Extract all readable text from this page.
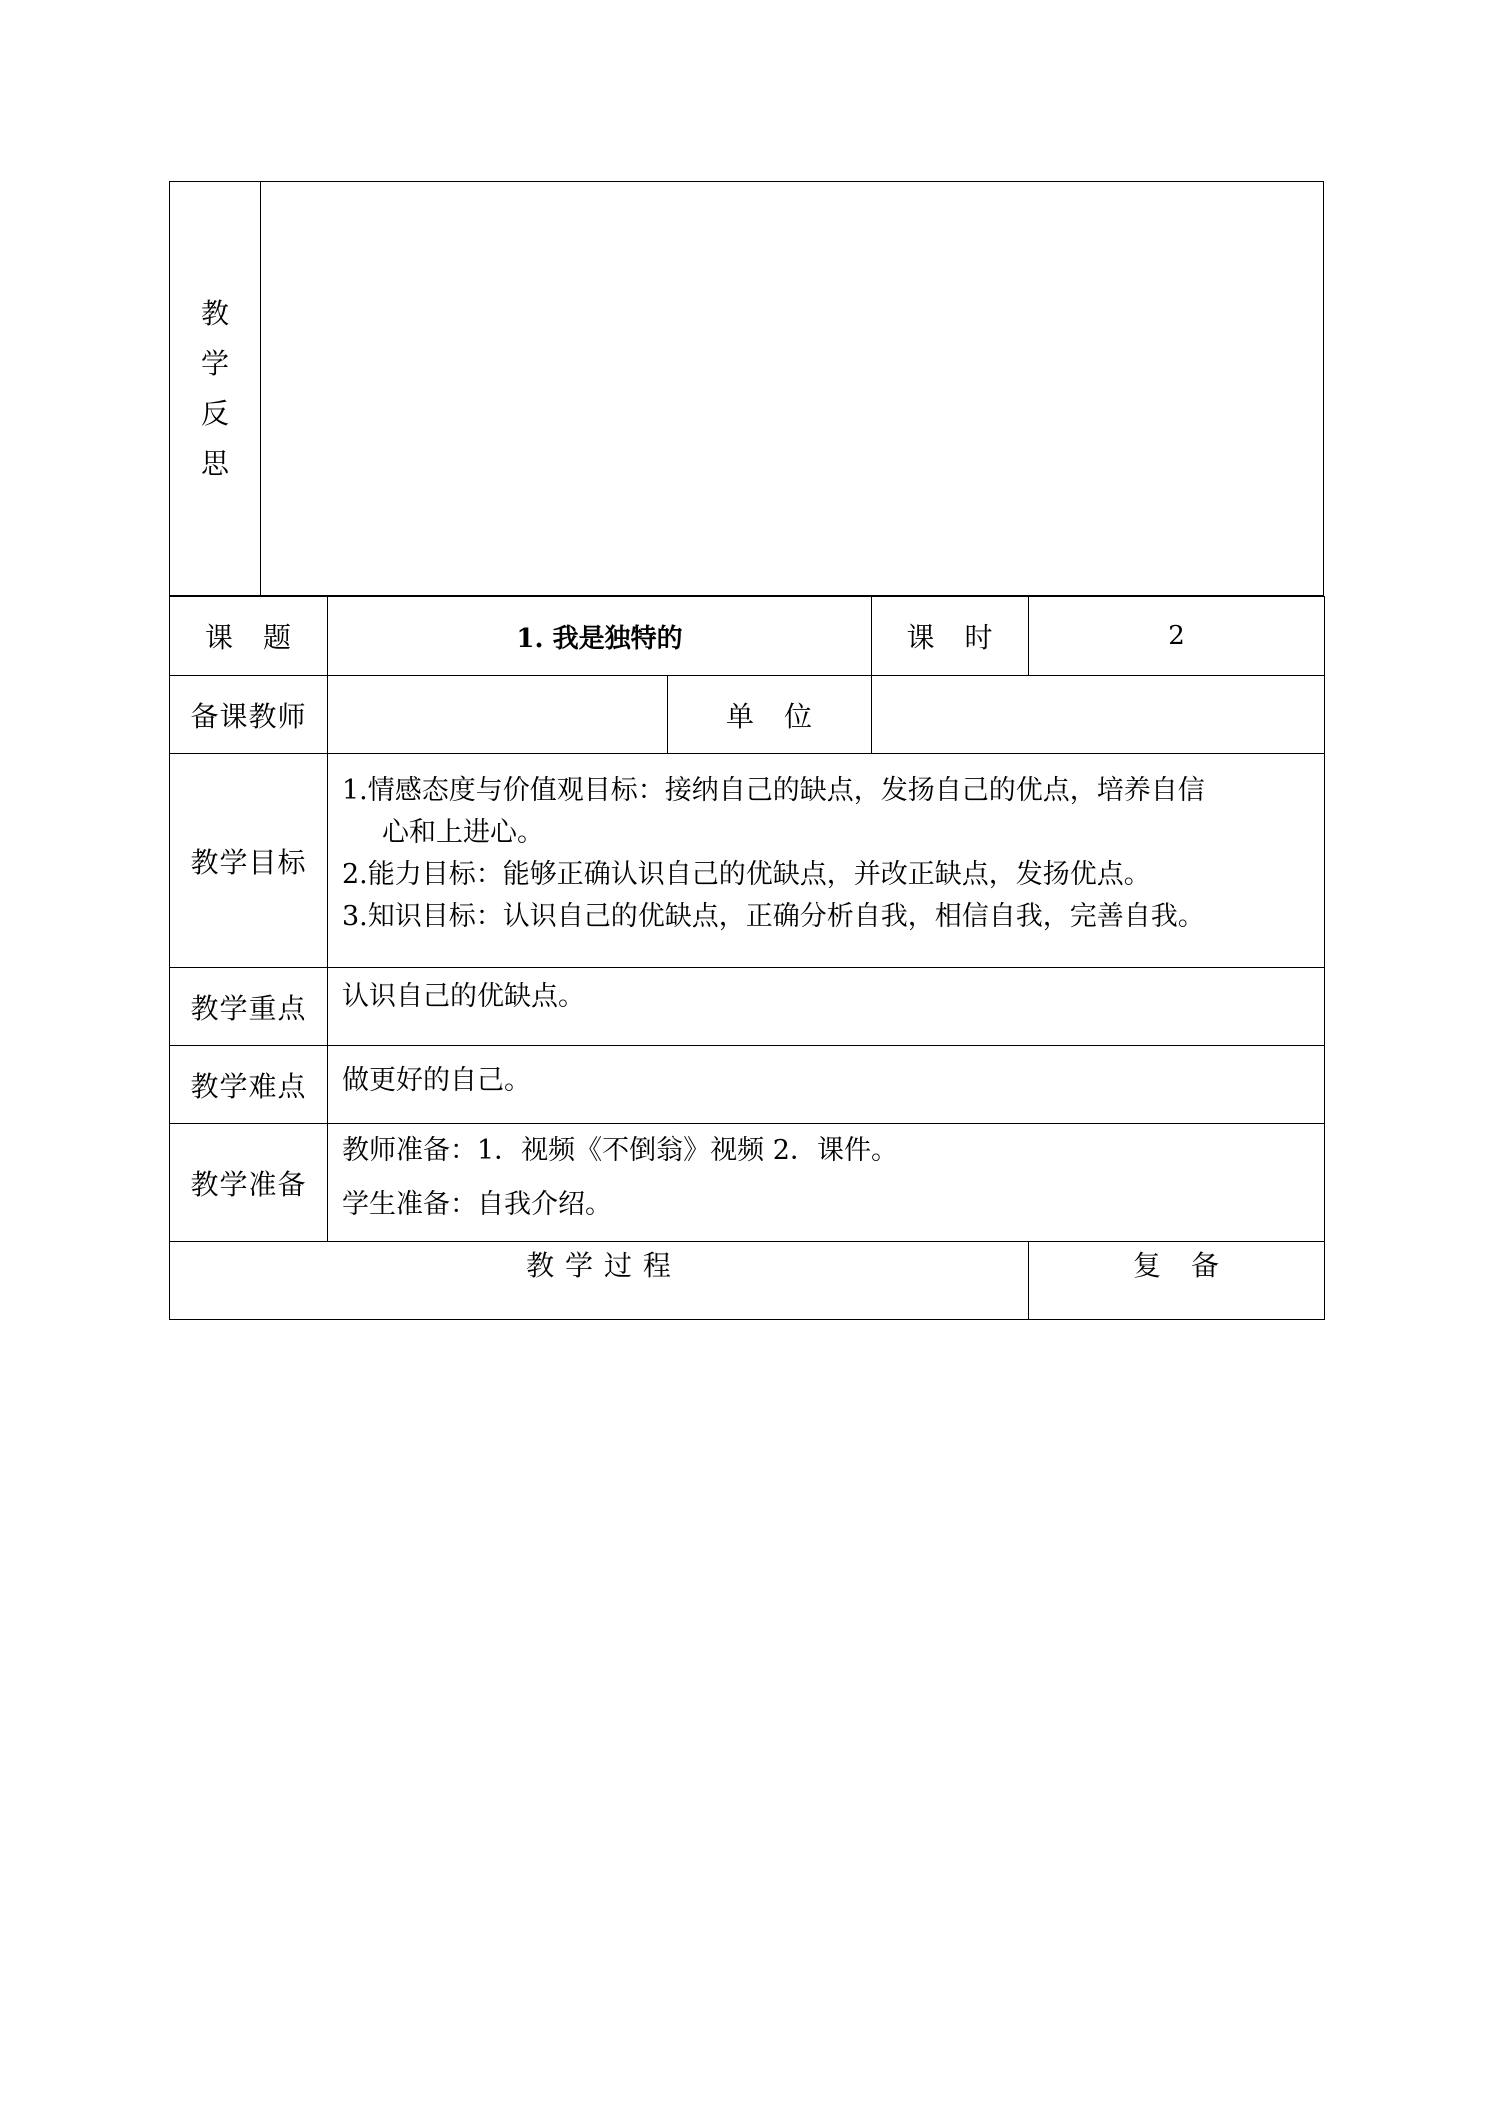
教
学
反
思

课　题	1. 我是独特的		课　时	2
备课教师		单　位		
教学目标	1.情感态度与价值观目标：接纳自己的缺点，发扬自己的优点，培养自信
心和上进心。
2.能力目标：能够正确认识自己的优缺点，并改正缺点，发扬优点。
3.知识目标：认识自己的优缺点，正确分析自我，相信自我，完善自我。			

教学重点	认识自己的优缺点。			
教学难点	做更好的自己。			
教学准备	教师准备：1．视频《不倒翁》视频 2．课件。
学生准备：自我介绍。			

教 学 过 程				复　备
